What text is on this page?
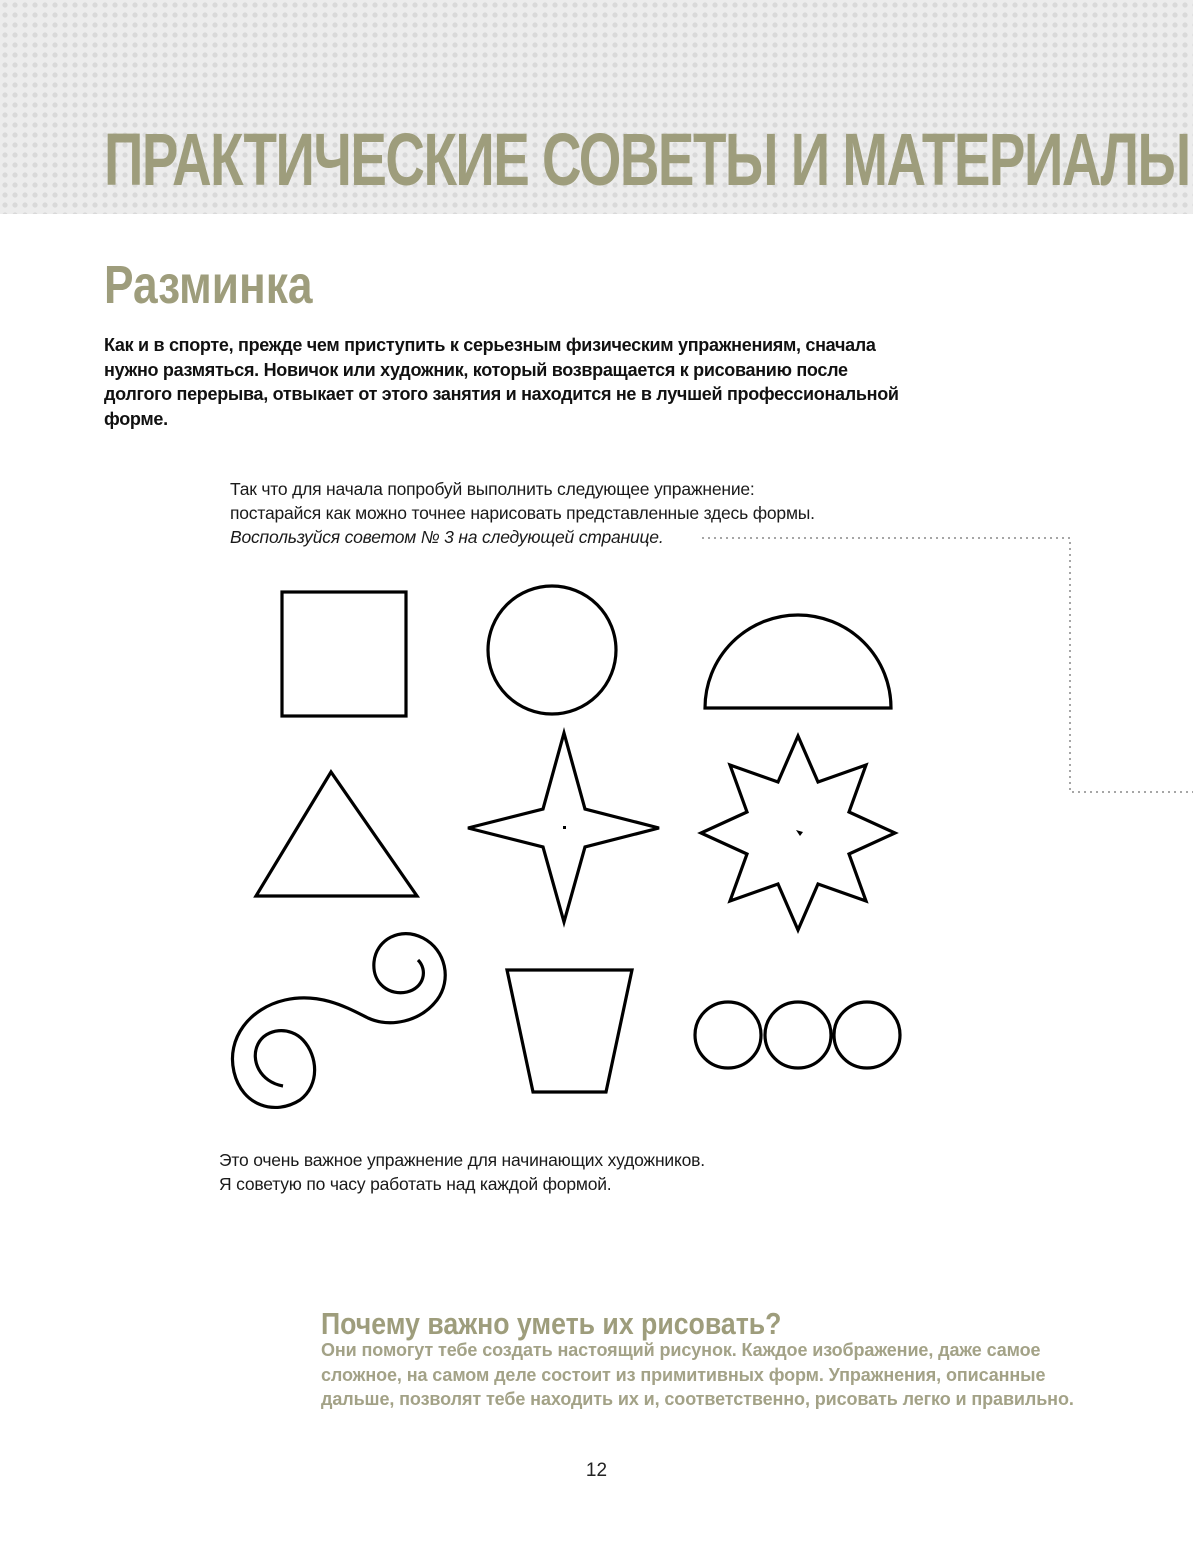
ПРАКТИЧЕСКИЕ СОВЕТЫ И МАТЕРИАЛЫ
Разминка

Как и в спорте, прежде чем приступить к серьезным физическим упражнениям, сначала
нужно размяться. Новичок или художник, который возвращается к рисованию после
долгого перерыва, отвыкает от этого занятия и находится не в лучшей профессиональной
форме.

Так что для начала попробуй выполнить следующее упражнение:
постарайся как можно точнее нарисовать представленные здесь формы.
Воспользуйся советом № 3 на следующей странице.

Это очень важное упражнение для начинающих художников.
Я советую по часу работать над каждой формой.

Почему важно уметь их рисовать?

Они помогут тебе создать настоящий рисунок. Каждое изображение, даже самое
сложное, на самом деле состоит из примитивных форм. Упражнения, описанные
дальше, позволят тебе находить их и, соответственно, рисовать легко и правильно.

12
